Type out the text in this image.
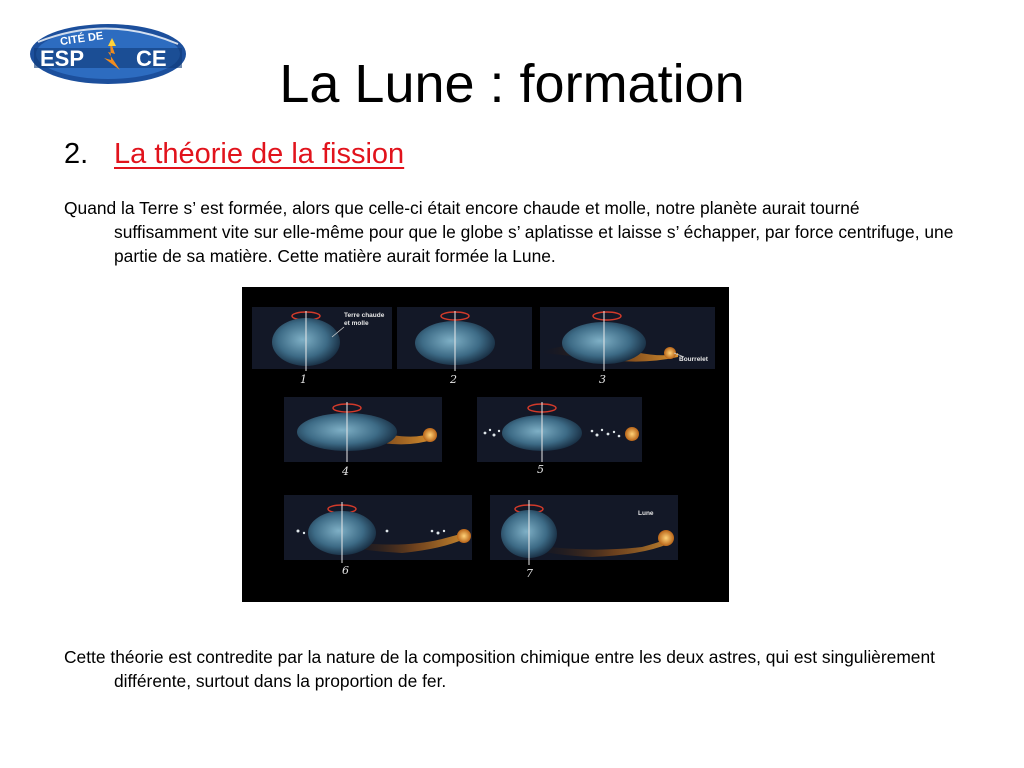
CITÉ DE
ESP CE	La Lune : formation
2. La théorie de la fission
Quand la Terre s’ est formée, alors que celle-ci était encore chaude et molle, notre planète aurait tourné suffisamment vite sur elle-même pour que le globe s’ aplatisse et laisse s’ échapper, par force centrifuge, une partie de sa matière. Cette matière aurait formée la Lune.
Terre chaude
et molle
1	2
Bourrelet
3
4	5
6
Lune
7
Cette théorie est contredite par la nature de la composition chimique entre les deux astres, qui est singulièrement différente, surtout dans la proportion de fer.
